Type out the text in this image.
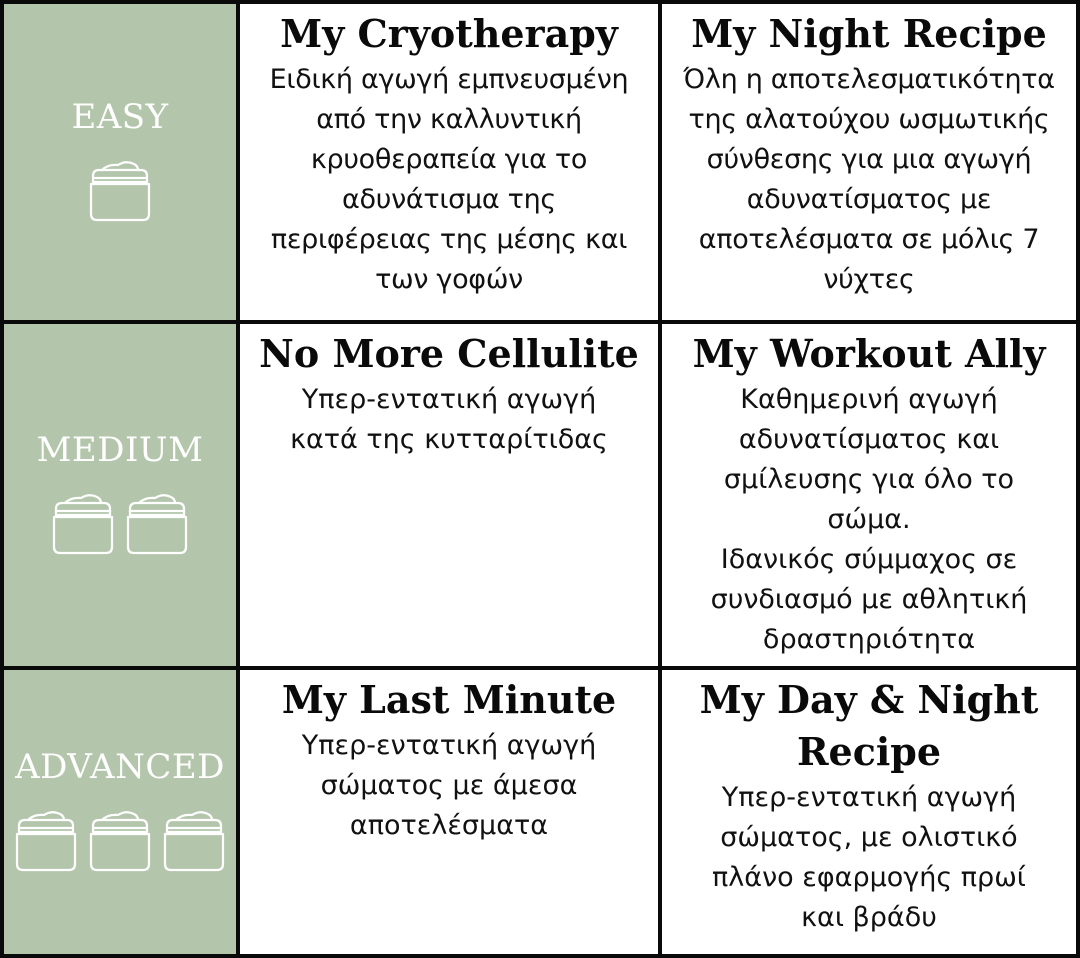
EASY
My Cryotherapy
Ειδική αγωγή εμπνευσμένη
από την καλλυντική
κρυοθεραπεία για το
αδυνάτισμα της
περιφέρειας της μέσης και
των γοφών
My Night Recipe
Όλη η αποτελεσματικότητα
της αλατούχου ωσμωτικής
σύνθεσης για μια αγωγή
αδυνατίσματος με
αποτελέσματα σε μόλις 7
νύχτες
MEDIUM
No More Cellulite
Υπερ-εντατική αγωγή
κατά της κυτταρίτιδας
My Workout Ally
Καθημερινή αγωγή
αδυνατίσματος και
σμίλευσης για όλο το
σώμα.
Ιδανικός σύμμαχος σε
συνδιασμό με αθλητική
δραστηριότητα
ADVANCED
My Last Minute
Υπερ-εντατική αγωγή
σώματος με άμεσα
αποτελέσματα
My Day & Night
Recipe
Υπερ-εντατική αγωγή
σώματος, με ολιστικό
πλάνο εφαρμογής πρωί
και βράδυ
